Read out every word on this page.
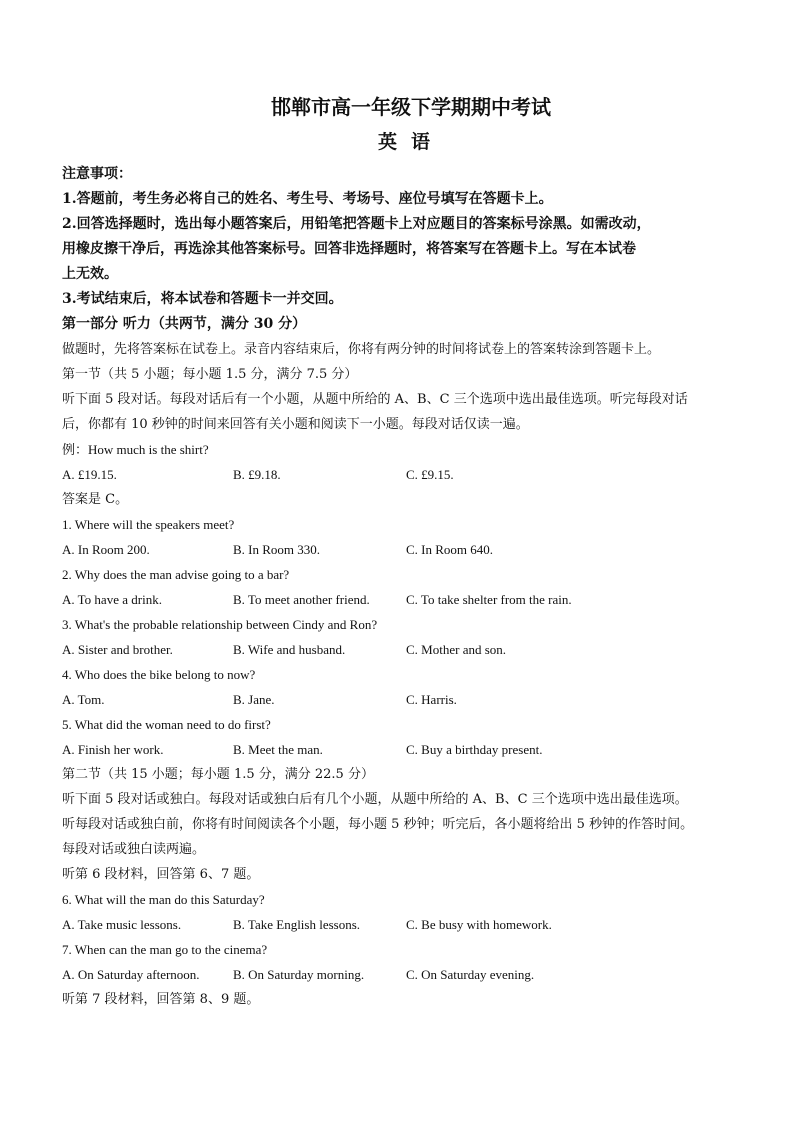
邯郸市高一年级下学期期中考试
英语
注意事项：
1.答题前，考生务必将自己的姓名、考生号、考场号、座位号填写在答题卡上。
2.回答选择题时，选出每小题答案后，用铅笔把答题卡上对应题目的答案标号涂黑。如需改动，
用橡皮擦干净后，再选涂其他答案标号。回答非选择题时，将答案写在答题卡上。写在本试卷
上无效。
3.考试结束后，将本试卷和答题卡一并交回。
第一部分 听力（共两节，满分 30 分）
做题时，先将答案标在试卷上。录音内容结束后，你将有两分钟的时间将试卷上的答案转涂到答题卡上。
第一节（共 5 小题；每小题 1.5 分，满分 7.5 分）
听下面 5 段对话。每段对话后有一个小题，从题中所给的 A、B、C 三个选项中选出最佳选项。听完每段对话
后，你都有 10 秒钟的时间来回答有关小题和阅读下一小题。每段对话仅读一遍。
例：How much is the shirt?
A. £19.15.	B. £9.18.	C. £9.15.
答案是 C。
1. Where will the speakers meet?
A. In Room 200.	B. In Room 330.	C. In Room 640.
2. Why does the man advise going to a bar?
A. To have a drink.	B. To meet another friend.	C. To take shelter from the rain.
3. What's the probable relationship between Cindy and Ron?
A. Sister and brother.	B. Wife and husband.	C. Mother and son.
4. Who does the bike belong to now?
A. Tom.	B. Jane.	C. Harris.
5. What did the woman need to do first?
A. Finish her work.	B. Meet the man.	C. Buy a birthday present.
第二节（共 15 小题；每小题 1.5 分，满分 22.5 分）
听下面 5 段对话或独白。每段对话或独白后有几个小题，从题中所给的 A、B、C 三个选项中选出最佳选项。
听每段对话或独白前，你将有时间阅读各个小题，每小题 5 秒钟；听完后，各小题将给出 5 秒钟的作答时间。
每段对话或独白读两遍。
听第 6 段材料，回答第 6、7 题。
6. What will the man do this Saturday?
A. Take music lessons.	B. Take English lessons.	C. Be busy with homework.
7. When can the man go to the cinema?
A. On Saturday afternoon.	B. On Saturday morning.	C. On Saturday evening.
听第 7 段材料，回答第 8、9 题。
